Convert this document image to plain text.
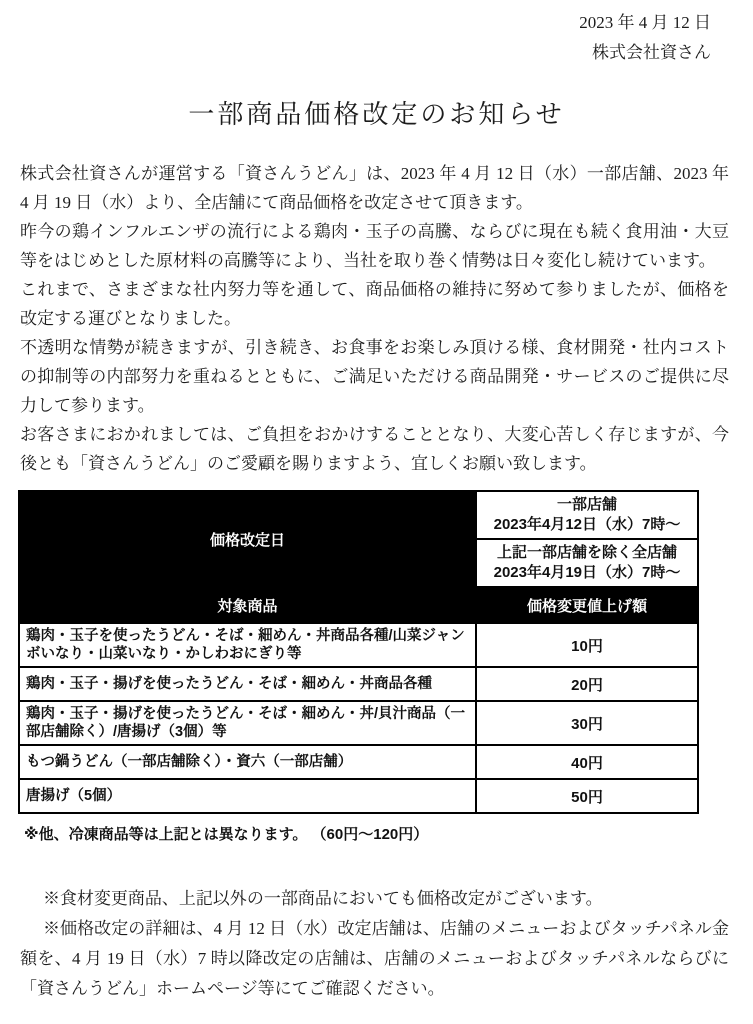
2023 年 4 月 12 日
株式会社資さん
一部商品価格改定のお知らせ

株式会社資さんが運営する「資さんうどん」は、2023 年 4 月 12 日（水）一部店舗、2023 年 4 月 19 日（水）より、全店舗にて商品価格を改定させて頂きます。

昨今の鶏インフルエンザの流行による鶏肉・玉子の高騰、ならびに現在も続く食用油・大豆等をはじめとした原材料の高騰等により、当社を取り巻く情勢は日々変化し続けています。

これまで、さまざまな社内努力等を通して、商品価格の維持に努めて参りましたが、価格を改定する運びとなりました。

不透明な情勢が続きますが、引き続き、お食事をお楽しみ頂ける様、食材開発・社内コストの抑制等の内部努力を重ねるとともに、ご満足いただける商品開発・サービスのご提供に尽力して参ります。

お客さまにおかれましては、ご負担をおかけすることとなり、大変心苦しく存じますが、今後とも「資さんうどん」のご愛顧を賜りますよう、宜しくお願い致します。

価格改定日	一部店舗
2023年4月12日（水）7時～

	上記一部店舗を除く全店舗
2023年4月19日（水）7時～

対象商品	価格変更値上げ額
鶏肉・玉子を使ったうどん・そば・細めん・丼商品各種/山菜ジャンボいなり・山菜いなり・かしわおにぎり等	10円
鶏肉・玉子・揚げを使ったうどん・そば・細めん・丼商品各種	20円
鶏肉・玉子・揚げを使ったうどん・そば・細めん・丼/貝汁商品（一部店舗除く）/唐揚げ（3個）等	30円
もつ鍋うどん（一部店舗除く）・資六（一部店舗）	40円
唐揚げ（5個）	50円

※他、冷凍商品等は上記とは異なります。 （60円～120円）

※食材変更商品、上記以外の一部商品においても価格改定がございます。

※価格改定の詳細は、4 月 12 日（水）改定店舗は、店舗のメニューおよびタッチパネル金額を、4 月 19 日（水）7 時以降改定の店舗は、店舗のメニューおよびタッチパネルならびに「資さんうどん」ホームページ等にてご確認ください。
